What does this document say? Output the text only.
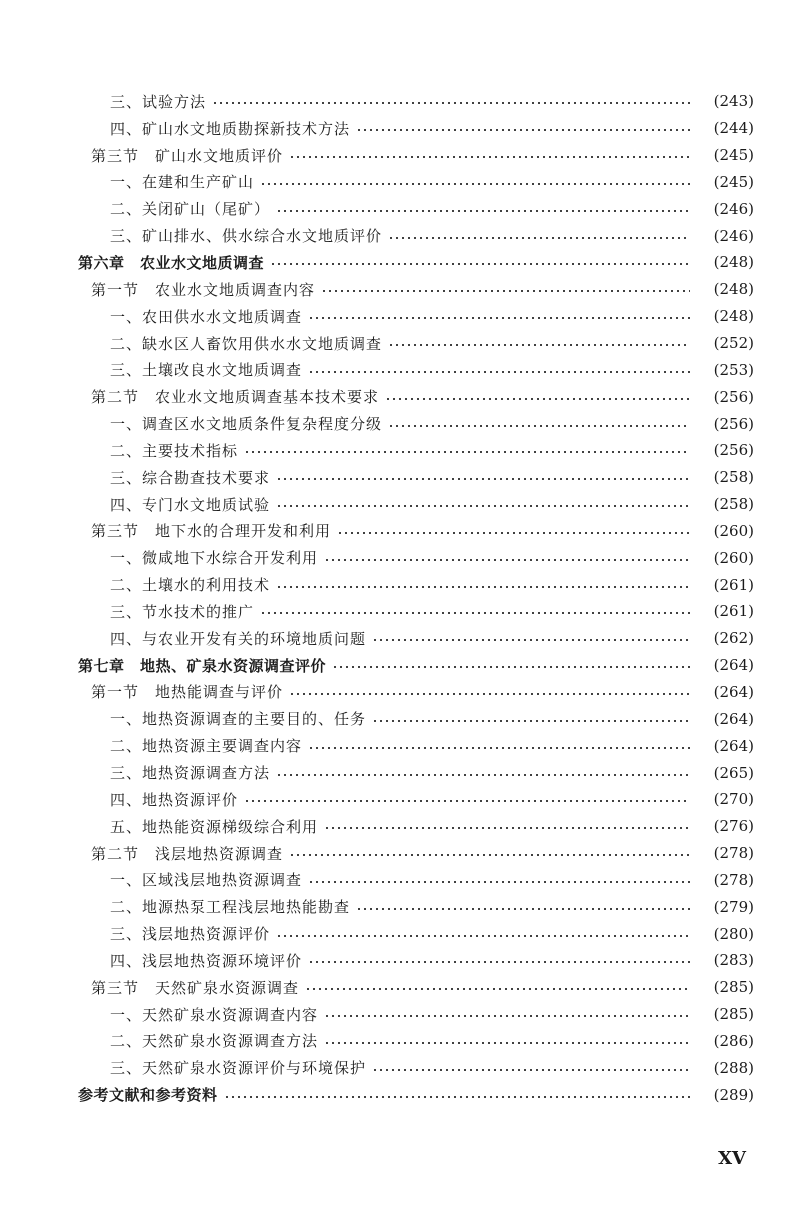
三、试验方法	(243)
四、矿山水文地质勘探新技术方法	(244)
第三节　矿山水文地质评价	(245)
一、在建和生产矿山	(245)
二、关闭矿山（尾矿）	(246)
三、矿山排水、供水综合水文地质评价	(246)
第六章　农业水文地质调查	(248)
第一节　农业水文地质调查内容	(248)
一、农田供水水文地质调查	(248)
二、缺水区人畜饮用供水水文地质调查	(252)
三、土壤改良水文地质调查	(253)
第二节　农业水文地质调查基本技术要求	(256)
一、调查区水文地质条件复杂程度分级	(256)
二、主要技术指标	(256)
三、综合勘查技术要求	(258)
四、专门水文地质试验	(258)
第三节　地下水的合理开发和利用	(260)
一、微咸地下水综合开发利用	(260)
二、土壤水的利用技术	(261)
三、节水技术的推广	(261)
四、与农业开发有关的环境地质问题	(262)
第七章　地热、矿泉水资源调查评价	(264)
第一节　地热能调查与评价	(264)
一、地热资源调查的主要目的、任务	(264)
二、地热资源主要调查内容	(264)
三、地热资源调查方法	(265)
四、地热资源评价	(270)
五、地热能资源梯级综合利用	(276)
第二节　浅层地热资源调查	(278)
一、区域浅层地热资源调查	(278)
二、地源热泵工程浅层地热能勘查	(279)
三、浅层地热资源评价	(280)
四、浅层地热资源环境评价	(283)
第三节　天然矿泉水资源调查	(285)
一、天然矿泉水资源调查内容	(285)
二、天然矿泉水资源调查方法	(286)
三、天然矿泉水资源评价与环境保护	(288)
参考文献和参考资料	(289)
XV
